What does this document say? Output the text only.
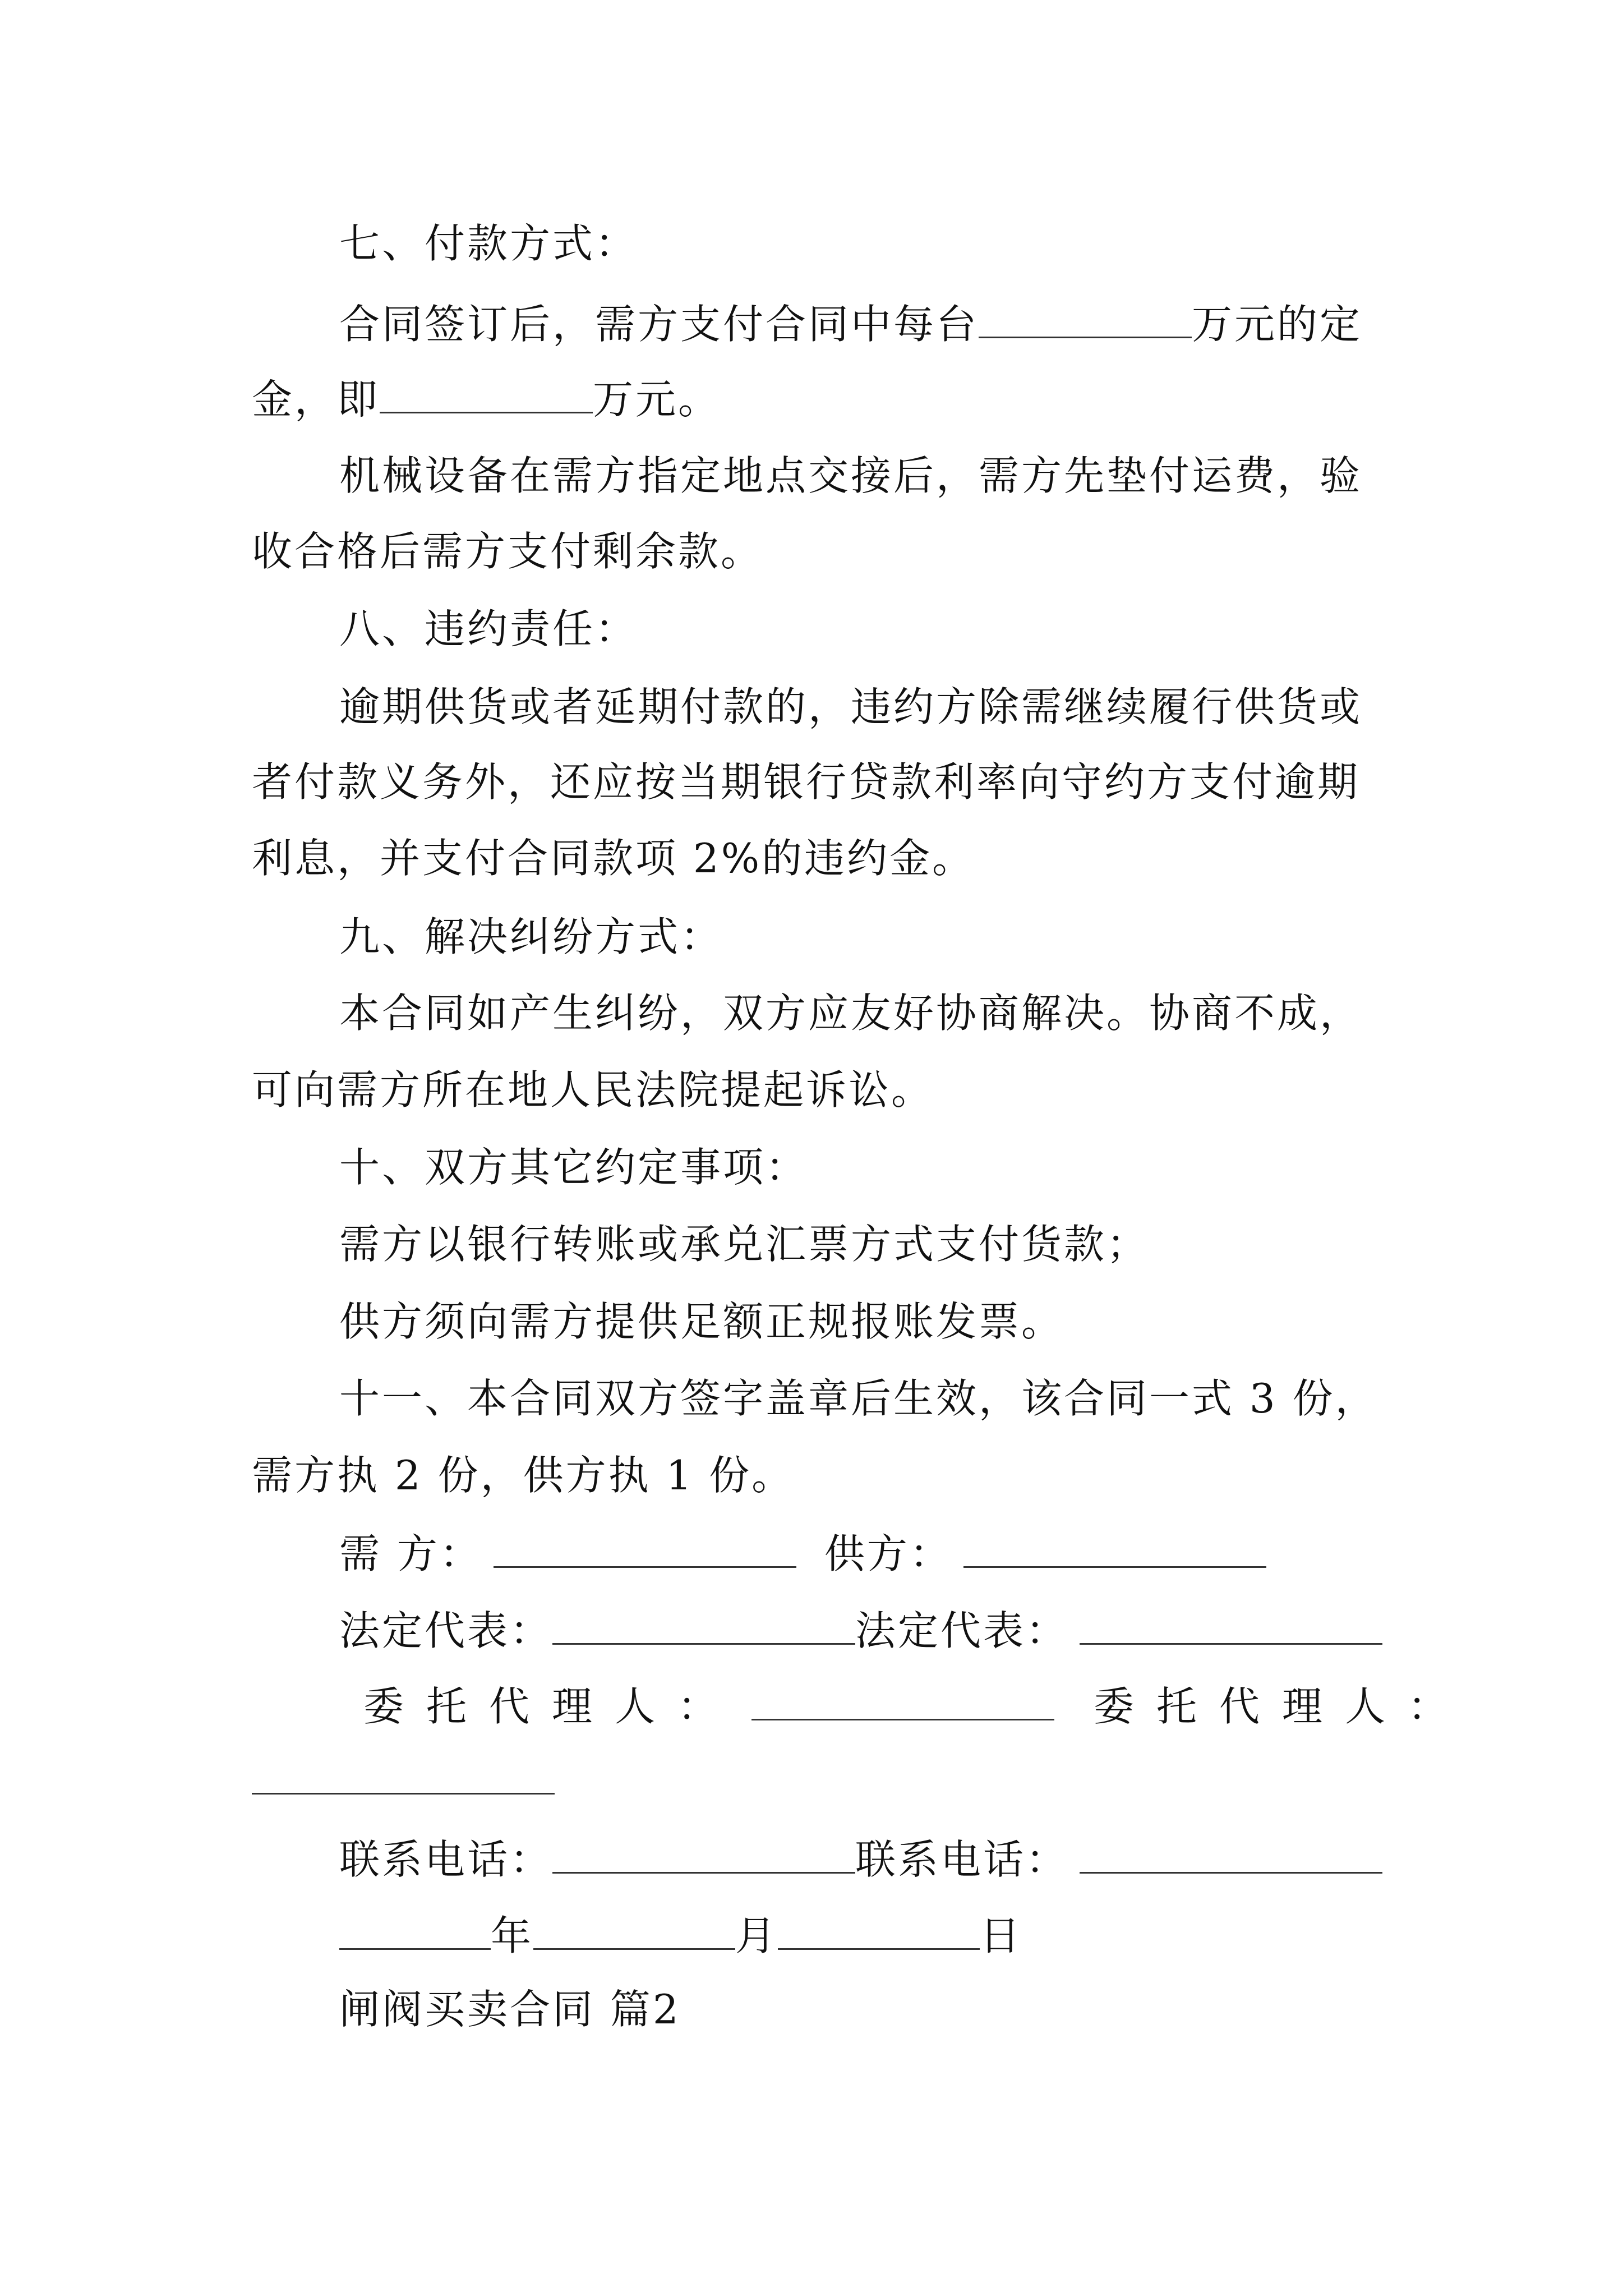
七、付款方式：
合同签订后，需方支付合同中每台	万元的定
金，即	万元。
机械设备在需方指定地点交接后，需方先垫付运费，验
收合格后需方支付剩余款。
八、违约责任：
逾期供货或者延期付款的，违约方除需继续履行供货或
者付款义务外，还应按当期银行贷款利率向守约方支付逾期
利息，并支付合同款项 2%的违约金。
九、解决纠纷方式：
本合同如产生纠纷，双方应友好协商解决。协商不成，
可向需方所在地人民法院提起诉讼。
十、双方其它约定事项：
需方以银行转账或承兑汇票方式支付货款；
供方须向需方提供足额正规报账发票。
十一、本合同双方签字盖章后生效，该合同一式 3 份，
需方执 2 份，供方执 1 份。
需 方：	供方：
法定代表：	法定代表：
委托代理人：	委托代理人：
联系电话：	联系电话：
年	月	日
闸阀买卖合同 篇2
